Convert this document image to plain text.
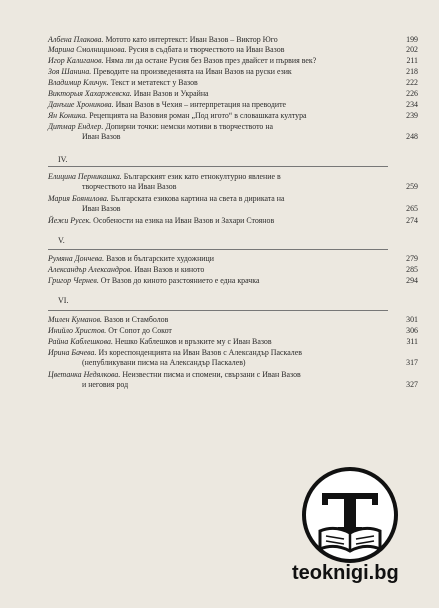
Албена Плакова. Мотото като интертекст: Иван Вазов – Виктор Юго	199
Марина Смолницинова. Русия в съдбата и творчеството на Иван Вазов	202
Игор Калиганов. Няма ли да остане Русия без Вазов през двайсет и първия век?	211
Зоя Шанина. Преводите на произведенията на Иван Вазов на руски език	218
Владимир Кличук. Текст и метатекст у Вазов	222
Викторыя Хахаржевска. Иван Вазов и Украйна	226
Данъше Хроникова. Иван Вазов в Чехия – интерпретация на преводите	234
Ян Коншка. Рецепцията на Вазовия роман „Под игото“ в словашката култура	239
Дитмар Ендлер. Допирни точки: немски мотиви в творчеството на
Иван Вазов	248
IV.
Елицина Перникашка. Българският език като етнокултурно явление в
творчеството на Иван Вазов	259
Мария Боянилова. Българската езикова картина на света в дирикатa на
Иван Вазов	265
Йежи Русек. Особености на езика на Иван Вазов и Захари Стоянов	274
V.
Румяна Дончева. Вазов и българските художници	279
Александър Александров. Иван Вазов и киното	285
Григор Чернев. От Вазов до киното разстоянието е една крачка	294
VI.
Милен Куманов. Вазов и Стамболов	301
Инийло Христов. От Сопот до Сокот	306
Райна Каблешкова. Нешко Каблешков и връзките му с Иван Вазов	311
Ирина Бачева. Из кореспонденцията на Иван Вазов с Александър Паскалев
(непубликувани писма на Александър Паскалев)	317
Цветанка Недялкова. Неизвестни писма и спомени, свързани с Иван Вазов
и неговия род	327
teoknigi.bg
